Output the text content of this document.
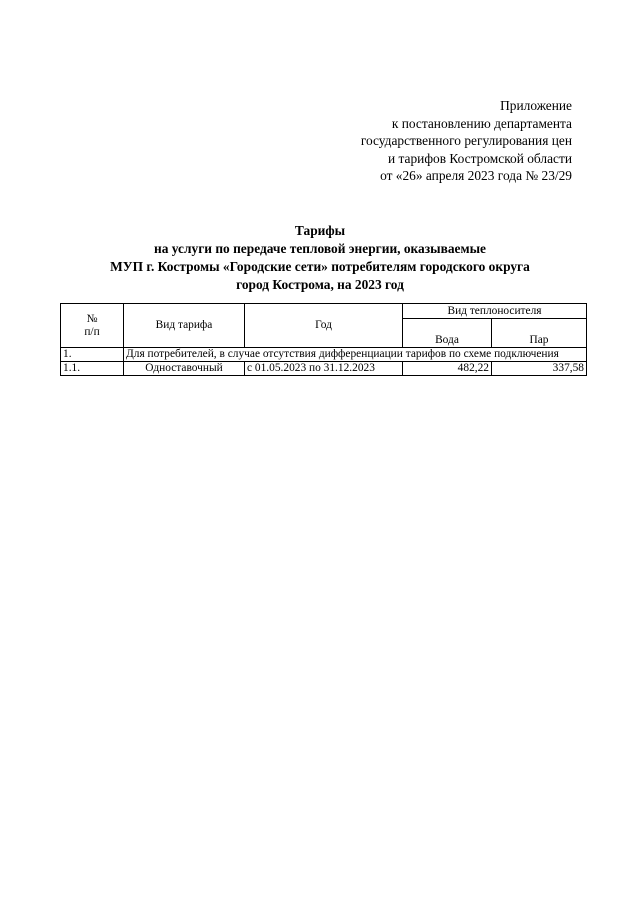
Приложение
к постановлению департамента
государственного регулирования цен
и тарифов Костромской области
от «26» апреля 2023 года № 23/29
Тарифы
на услуги по передаче тепловой энергии, оказываемые
МУП г. Костромы «Городские сети» потребителям городского округа
город Кострома, на 2023 год
№
п/п	Вид тарифа	Год	Вид теплоносителя	
			Вода	Пар
1.	Для потребителей, в случае отсутствия дифференциации тарифов по схеме подключения			
1.1.	Одноставочный	с 01.05.2023 по 31.12.2023	482,22	337,58
